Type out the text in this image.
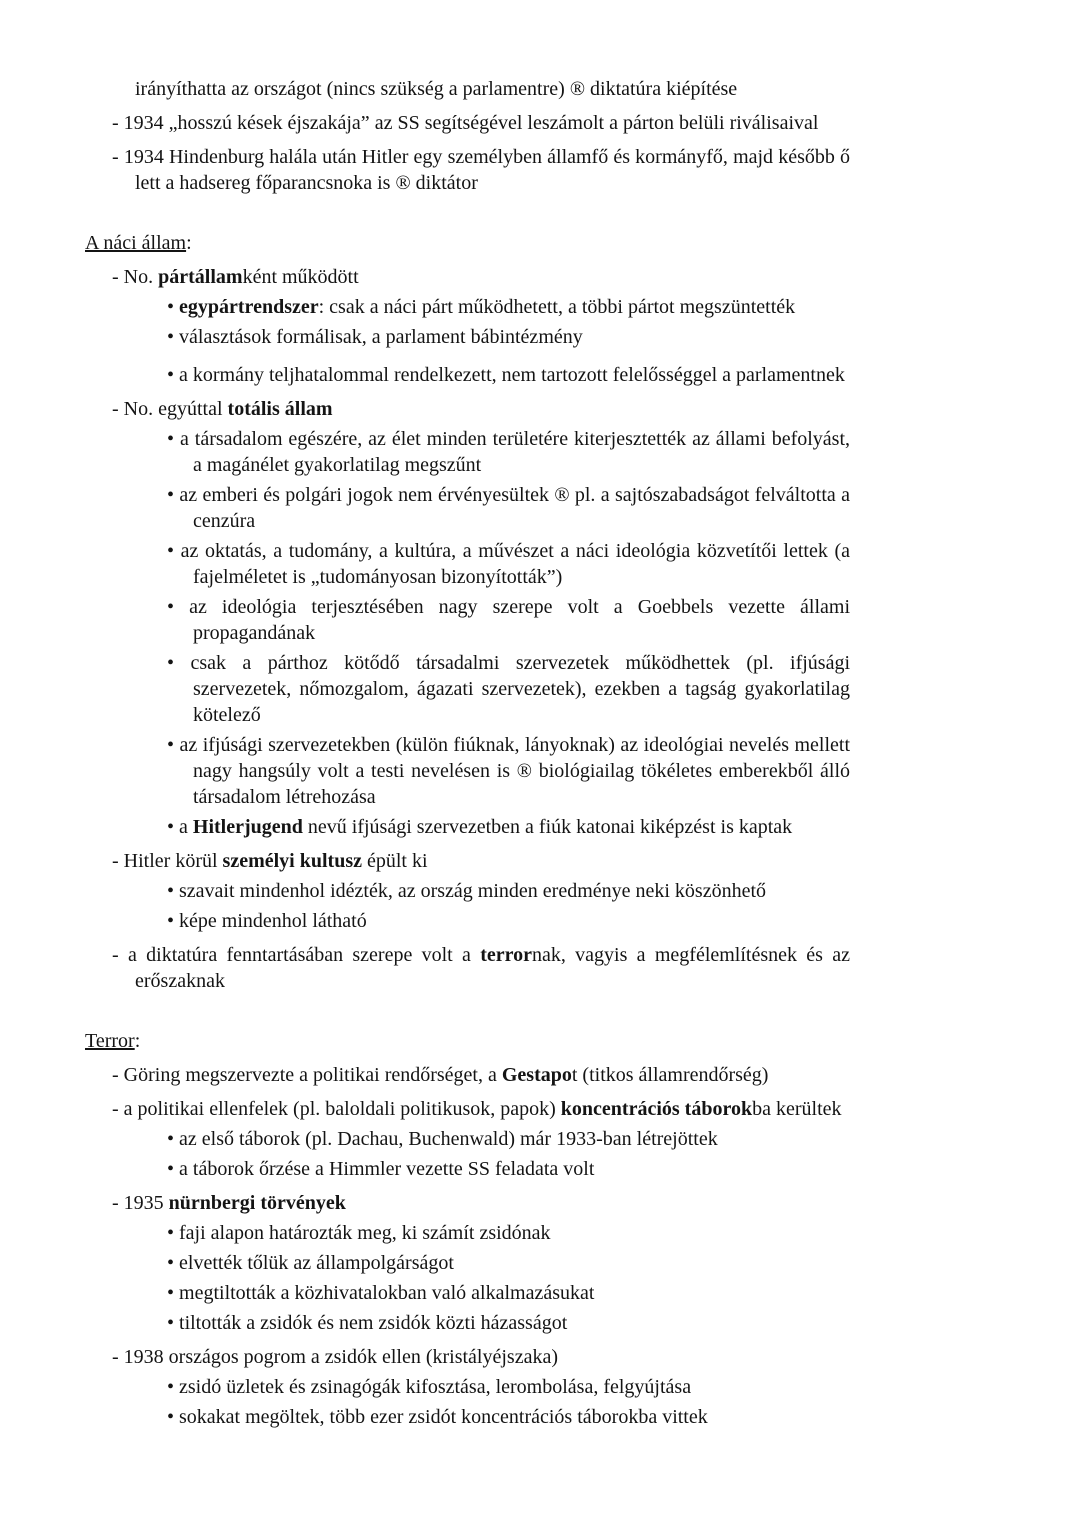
irányíthatta az országot (nincs szükség a parlamentre) ® diktatúra kiépítése

- 1934 „hosszú kések éjszakája” az SS segítségével leszámolt a párton belüli riválisaival

- 1934 Hindenburg halála után Hitler egy személyben államfő és kormányfő, majd később ő lett a hadsereg főparancsnoka is ® diktátor

A náci állam:

- No. pártállamként működött

• egypártrendszer: csak a náci párt működhetett, a többi pártot megszüntették

• választások formálisak, a parlament bábintézmény

• a kormány teljhatalommal rendelkezett, nem tartozott felelősséggel a parlamentnek

- No. egyúttal totális állam

• a társadalom egészére, az élet minden területére kiterjesztették az állami befolyást, a magánélet gyakorlatilag megszűnt

• az emberi és polgári jogok nem érvényesültek ® pl. a sajtószabadságot felváltotta a cenzúra

• az oktatás, a tudomány, a kultúra, a művészet a náci ideológia közvetítői lettek (a fajelméletet is „tudományosan bizonyították”)

• az ideológia terjesztésében nagy szerepe volt a Goebbels vezette állami propagandának

• csak a párthoz kötődő társadalmi szervezetek működhettek (pl. ifjúsági szervezetek, nőmozgalom, ágazati szervezetek), ezekben a tagság gyakorlatilag kötelező

• az ifjúsági szervezetekben (külön fiúknak, lányoknak) az ideológiai nevelés mellett nagy hangsúly volt a testi nevelésen is ® biológiailag tökéletes emberekből álló társadalom létrehozása

• a Hitlerjugend nevű ifjúsági szervezetben a fiúk katonai kiképzést is kaptak

- Hitler körül személyi kultusz épült ki

• szavait mindenhol idézték, az ország minden eredménye neki köszönhető

• képe mindenhol látható

- a diktatúra fenntartásában szerepe volt a terrornak, vagyis a megfélemlítésnek és az erőszaknak

Terror:

- Göring megszervezte a politikai rendőrséget, a Gestapot (titkos államrendőrség)

- a politikai ellenfelek (pl. baloldali politikusok, papok) koncentrációs táborokba kerültek

• az első táborok (pl. Dachau, Buchenwald) már 1933-ban létrejöttek

• a táborok őrzése a Himmler vezette SS feladata volt

- 1935 nürnbergi törvények

• faji alapon határozták meg, ki számít zsidónak

• elvették tőlük az állampolgárságot

• megtiltották a közhivatalokban való alkalmazásukat

• tiltották a zsidók és nem zsidók közti házasságot

- 1938 országos pogrom a zsidók ellen (kristályéjszaka)

• zsidó üzletek és zsinagógák kifosztása, lerombolása, felgyújtása

• sokakat megöltek, több ezer zsidót koncentrációs táborokba vittek
